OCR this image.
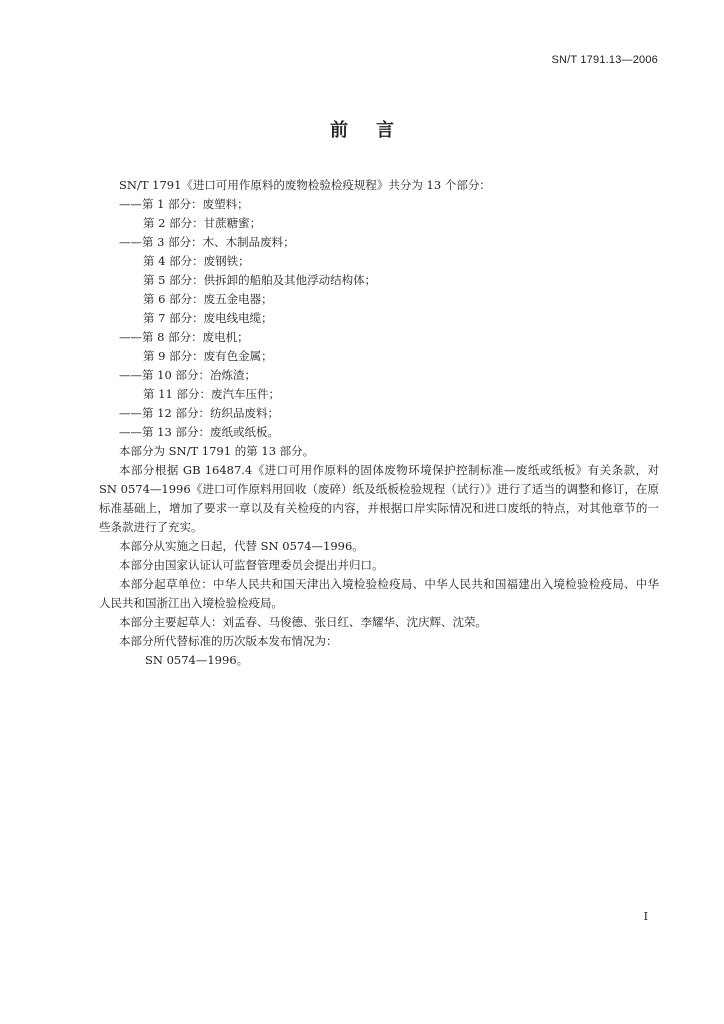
SN/T 1791.13—2006
前言
SN/T 1791《进口可用作原料的废物检验检疫规程》共分为 13 个部分：
——第 1 部分：废塑料；
第 2 部分：甘蔗糖蜜；
——第 3 部分：木、木制品废料；
第 4 部分：废钢铁；
第 5 部分：供拆卸的船舶及其他浮动结构体；
第 6 部分：废五金电器；
第 7 部分：废电线电缆；
——第 8 部分：废电机；
第 9 部分：废有色金属；
——第 10 部分：冶炼渣；
第 11 部分：废汽车压件；
——第 12 部分：纺织品废料；
——第 13 部分：废纸或纸板。
本部分为 SN/T 1791 的第 13 部分。
本部分根据 GB 16487.4《进口可用作原料的固体废物环境保护控制标准—废纸或纸板》有关条款，对 SN 0574—1996《进口可作原料用回收（废碎）纸及纸板检验规程（试行）》进行了适当的调整和修订，在原标准基础上，增加了要求一章以及有关检疫的内容，并根据口岸实际情况和进口废纸的特点，对其他章节的一些条款进行了充实。
本部分从实施之日起，代替 SN 0574—1996。
本部分由国家认证认可监督管理委员会提出并归口。
本部分起草单位：中华人民共和国天津出入境检验检疫局、中华人民共和国福建出入境检验检疫局、中华人民共和国浙江出入境检验检疫局。
本部分主要起草人：刘孟春、马俊德、张日红、李耀华、沈庆辉、沈荣。
本部分所代替标准的历次版本发布情况为：
SN 0574—1996。
I
